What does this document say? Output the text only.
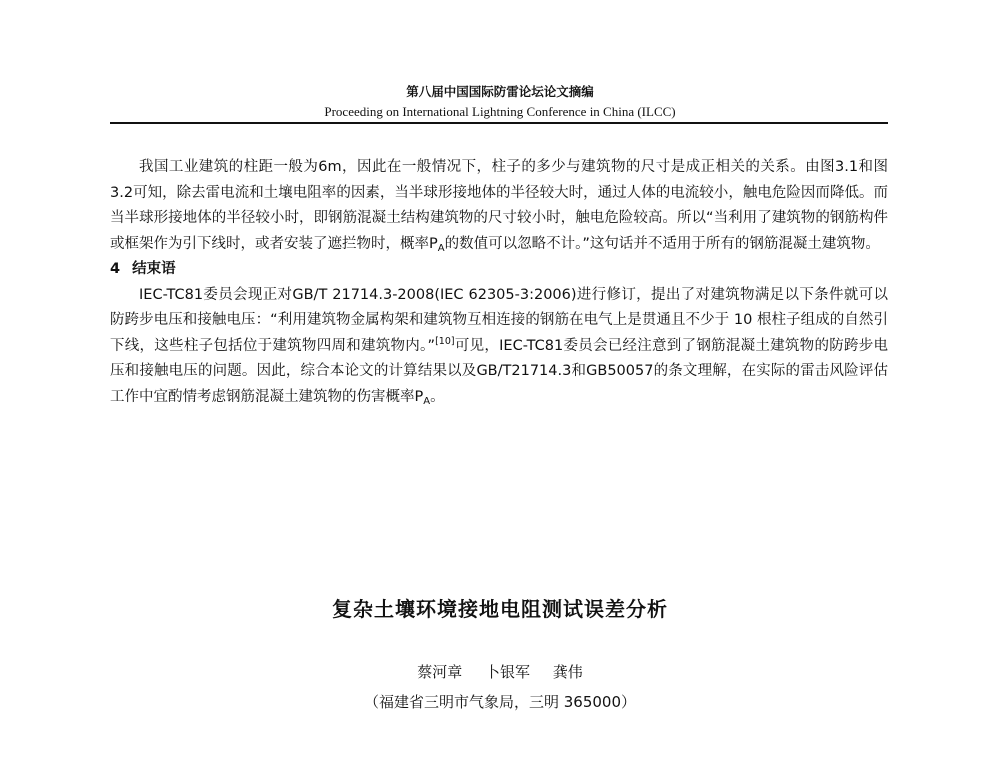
第八届中国国际防雷论坛论文摘编
Proceeding on International Lightning Conference in China (ILCC)

我国工业建筑的柱距一般为6m，因此在一般情况下，柱子的多少与建筑物的尺寸是成正相关的关系。由图3.1和图3.2可知，除去雷电流和土壤电阻率的因素，当半球形接地体的半径较大时，通过人体的电流较小，触电危险因而降低。而当半球形接地体的半径较小时，即钢筋混凝土结构建筑物的尺寸较小时，触电危险较高。所以“当利用了建筑物的钢筋构件或框架作为引下线时，或者安装了遮拦物时，概率$P_A$的数值可以忽略不计。”这句话并不适用于所有的钢筋混凝土建筑物。

4 结束语

IEC-TC81委员会现正对GB/T 21714.3-2008(IEC 62305-3:2006)进行修订，提出了对建筑物满足以下条件就可以防跨步电压和接触电压：“利用建筑物金属构架和建筑物互相连接的钢筋在电气上是贯通且不少于 10 根柱子组成的自然引下线，这些柱子包括位于建筑物四周和建筑物内。”[10]可见，IEC-TC81委员会已经注意到了钢筋混凝土建筑物的防跨步电压和接触电压的问题。因此，综合本论文的计算结果以及GB/T21714.3和GB50057的条文理解，在实际的雷击风险评估工作中宜酌情考虑钢筋混凝土建筑物的伤害概率$P_A$。

复杂土壤环境接地电阻测试误差分析
蔡河章 卜银军 龚伟
（福建省三明市气象局，三明 365000）
